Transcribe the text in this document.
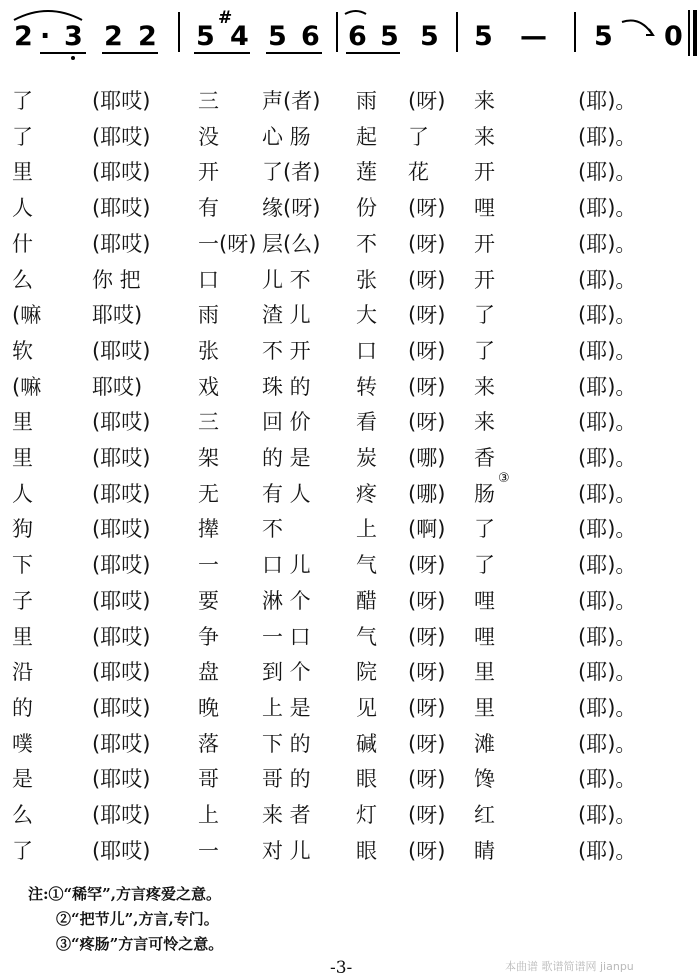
2 · 3 2 2 5
#
4 5 6 6 5 5 5 — 5 0
了	(耶哎) 三 声(者) 雨 (呀) 来	(耶)。
了	(耶哎) 没 心 肠 起 了 来	(耶)。
里	(耶哎) 开 了(者) 莲 花 开	(耶)。
人	(耶哎) 有 缘(呀) 份 (呀) 哩	(耶)。
什	(耶哎) 一(呀) 层(么) 不 (呀) 开	(耶)。
么	你 把	口 儿 不 张 (呀) 开	(耶)。
(嘛 耶哎)	雨 渣 儿 大 (呀) 了	(耶)。
软	(耶哎) 张 不 开 口 (呀) 了	(耶)。
(嘛 耶哎)	戏 珠 的 转 (呀) 来	(耶)。
里	(耶哎) 三 回 价 看 (呀) 来	(耶)。
里	(耶哎) 架 的 是 炭 (哪) 香	(耶)。
人	(耶哎) 无 有 人 疼 (哪) 肠	(耶)。
③
狗	(耶哎) 撵 不	上 (啊) 了	(耶)。
下	(耶哎) 一 口 儿 气 (呀) 了	(耶)。
子	(耶哎) 要 淋 个 醋 (呀) 哩	(耶)。
里	(耶哎) 争 一 口 气 (呀) 哩	(耶)。
沿	(耶哎) 盘 到 个 院 (呀) 里	(耶)。
的	(耶哎) 晚 上 是 见 (呀) 里	(耶)。
噗	(耶哎) 落 下 的 碱 (呀) 滩	(耶)。
是	(耶哎) 哥 哥 的 眼 (呀) 馋	(耶)。
么	(耶哎) 上 来 者 灯 (呀) 红	(耶)。
了	(耶哎) 一 对 儿 眼 (呀) 睛	(耶)。
注:①“稀罕”,方言疼爱之意。
②“把节儿”,方言,专门。
③“疼肠”方言可怜之意。
-3-	本曲谱 歌谱简谱网 jianpu
